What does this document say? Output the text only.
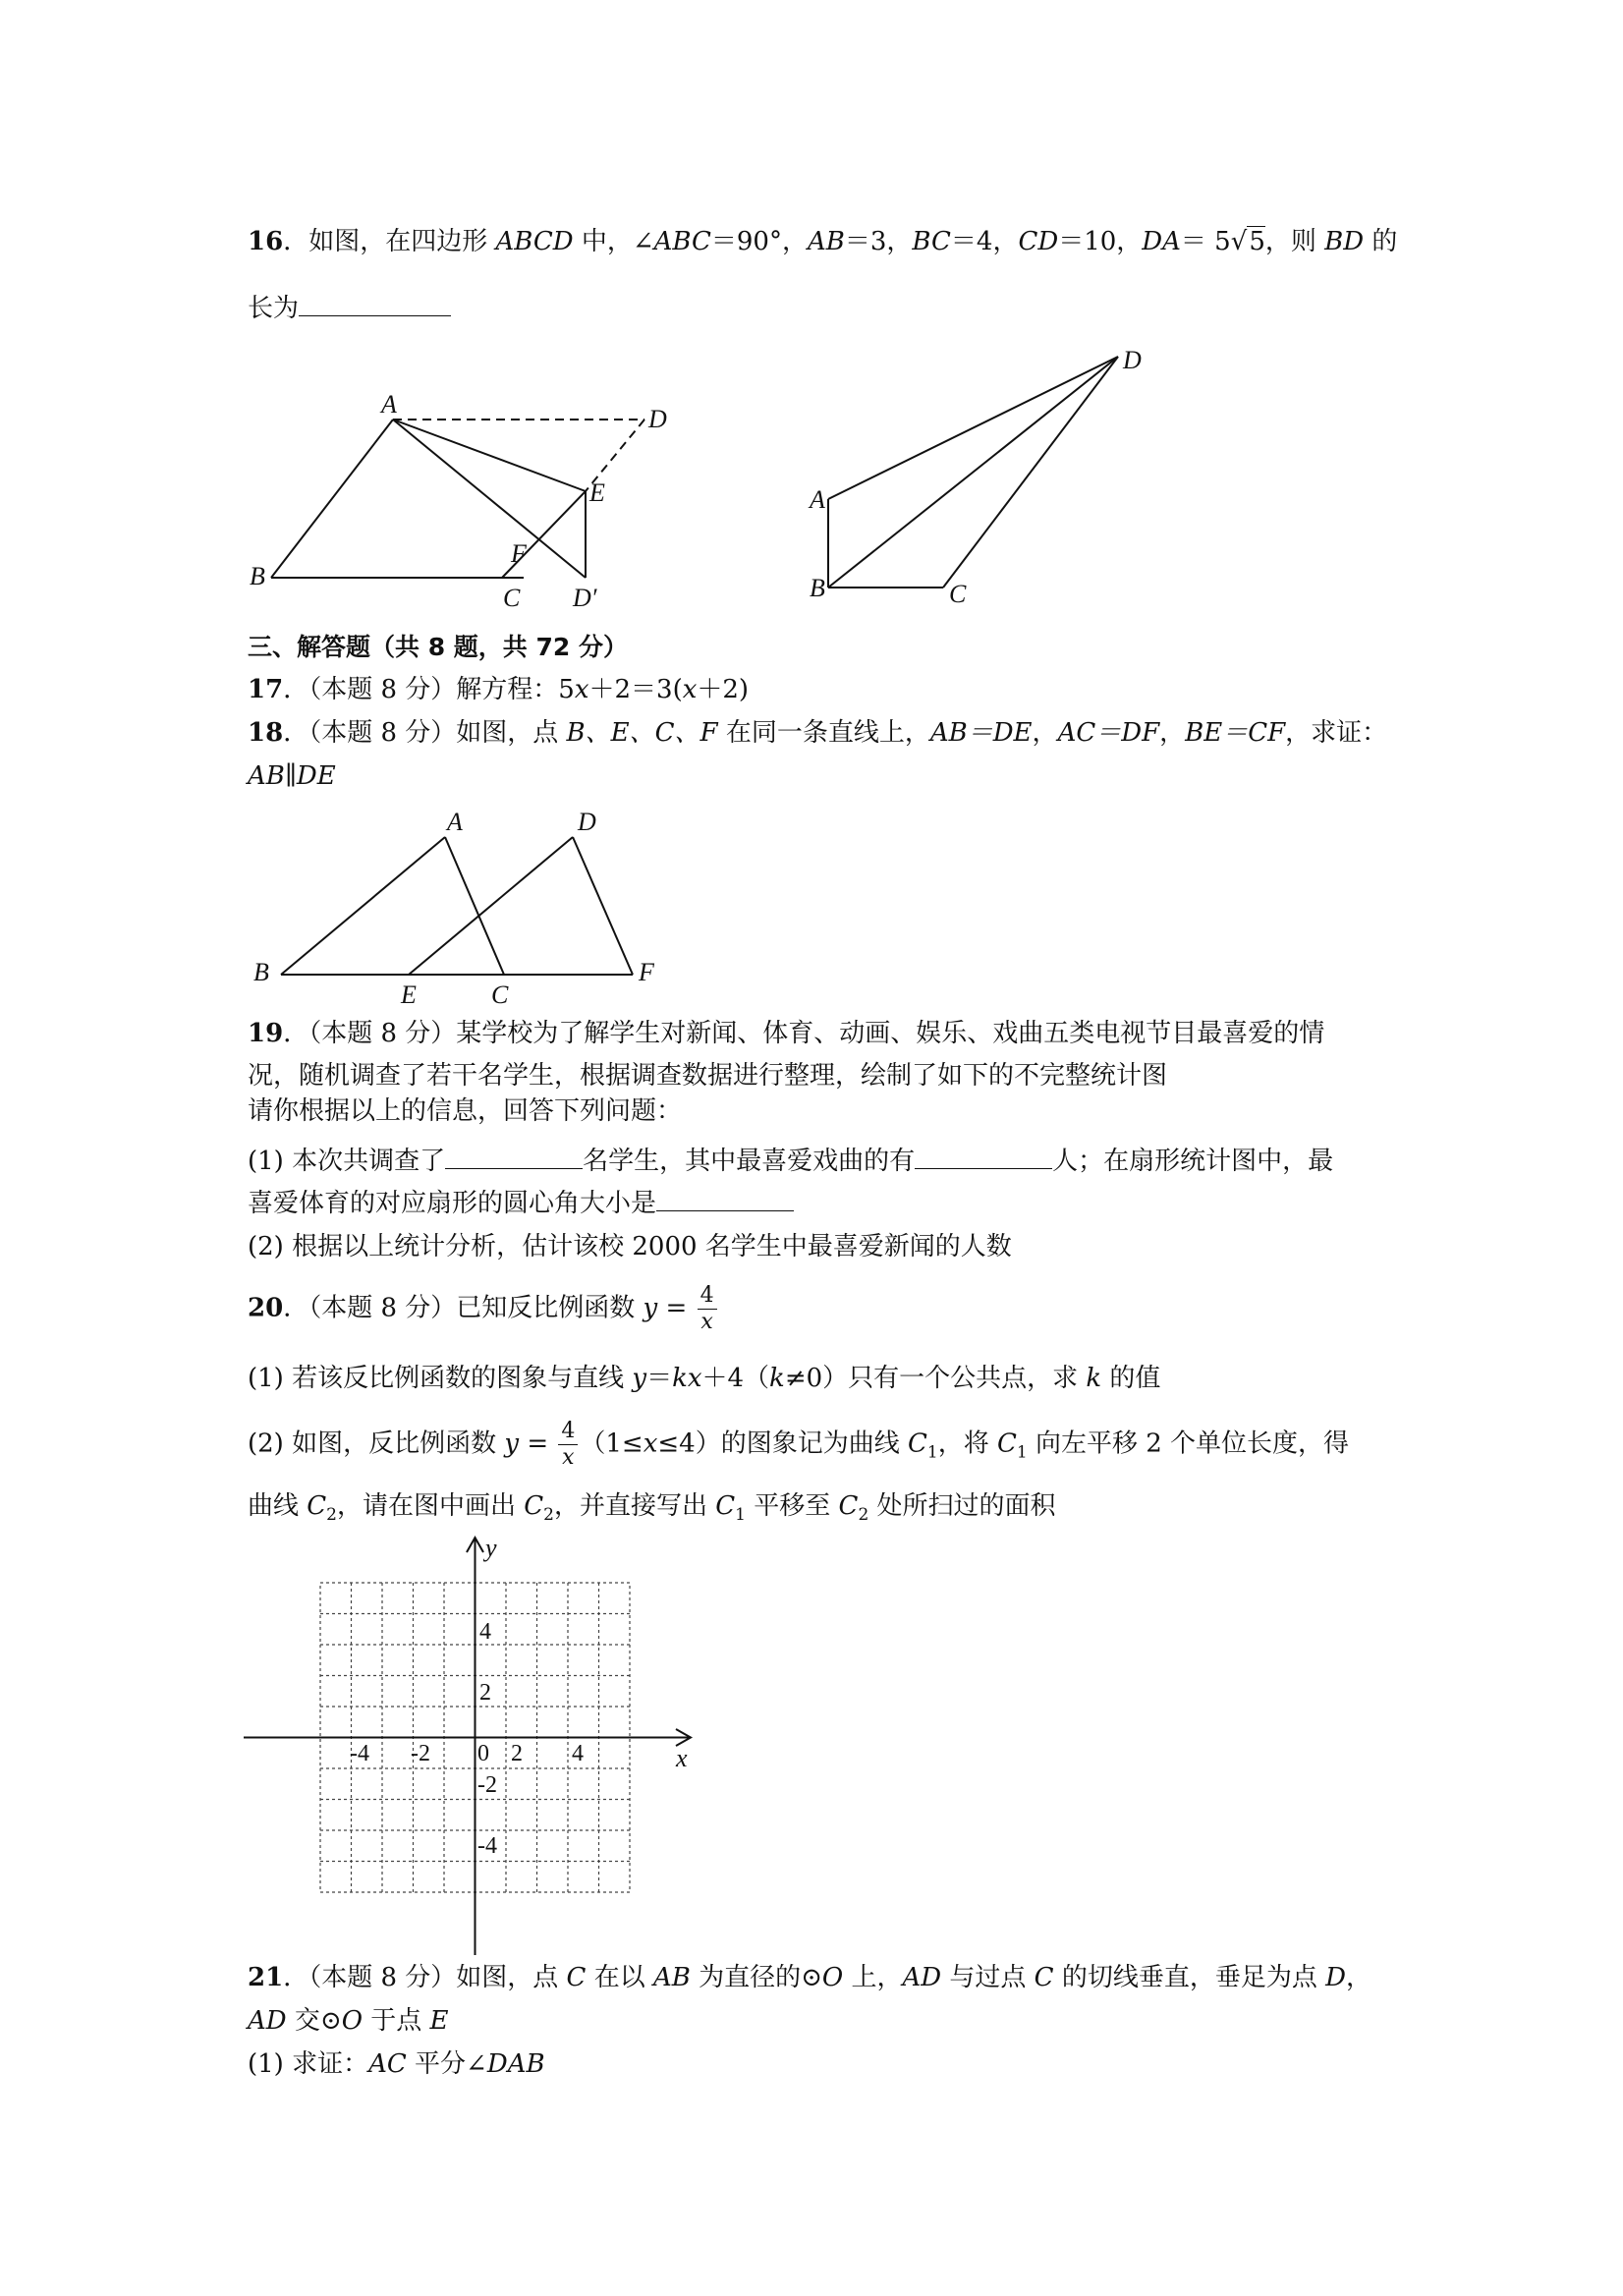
16．如图，在四边形 ABCD 中，∠ABC＝90°，AB＝3，BC＝4，CD＝10，DA＝ 5√5，则 BD 的
长为
A
D
E
F
B
C D′
D
A
B	C
三、解答题（共 8 题，共 72 分）
17．（本题 8 分）解方程：5x＋2＝3(x＋2)
18．（本题 8 分）如图，点 B、E、C、F 在同一条直线上，AB＝DE，AC＝DF，BE＝CF，求证：
AB∥DE
A	D
B
E	C
F
19．（本题 8 分）某学校为了解学生对新闻、体育、动画、娱乐、戏曲五类电视节目最喜爱的情
况，随机调查了若干名学生，根据调查数据进行整理，绘制了如下的不完整统计图
请你根据以上的信息，回答下列问题：
(1) 本次共调查了	名学生，其中最喜爱戏曲的有	人；在扇形统计图中，最
喜爱体育的对应扇形的圆心角大小是
(2) 根据以上统计分析，估计该校 2000 名学生中最喜爱新闻的人数
20．（本题 8 分）已知反比例函数 $y = \frac{4}{x}$
(1) 若该反比例函数的图象与直线 y＝kx＋4（k≠0）只有一个公共点，求 k 的值
(2) 如图，反比例函数 $y = \frac{4}{x} (1\le x\le 4)$的图象记为曲线 $C_1$，将 $C_1$ 向左平移 2 个单位长度，得
曲线 $C_2$，请在图中画出 $C_2$，并直接写出 $C_1$ 平移至 $C_2$ 处所扫过的面积
x
y
-4 -2 0 2 4
4
2
-2
-4
21．（本题 8 分）如图，点 C 在以 AB 为直径的⊙O 上，AD 与过点 C 的切线垂直，垂足为点 D，
AD 交⊙O 于点 E
(1) 求证：AC 平分∠DAB
